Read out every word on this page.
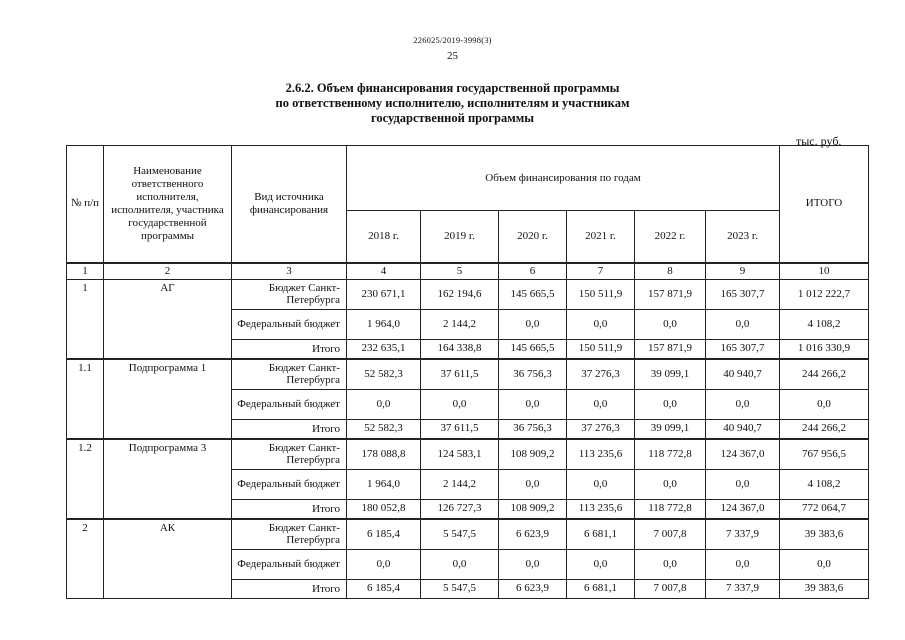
226025/2019-3998(3)
25
2.6.2. Объем финансирования государственной программы
по ответственному исполнителю, исполнителям и участникам
государственной программы
тыс. руб.
№ п/п	Наименование ответственного исполнителя, исполнителя, участника государственной программы	Вид источника финансирования	Объем финансирования по годам						ИТОГО
			2018 г.	2019 г.	2020 г.	2021 г.	2022 г.	2023 г.	
1	2	3	4	5	6	7	8	9	10
1	АГ	Бюджет Санкт-Петербурга	230 671,1	162 194,6	145 665,5	150 511,9	157 871,9	165 307,7	1 012 222,7
		Федеральный бюджет	1 964,0	2 144,2	0,0	0,0	0,0	0,0	4 108,2
		Итого	232 635,1	164 338,8	145 665,5	150 511,9	157 871,9	165 307,7	1 016 330,9
1.1	Подпрограмма 1	Бюджет Санкт-Петербурга	52 582,3	37 611,5	36 756,3	37 276,3	39 099,1	40 940,7	244 266,2
		Федеральный бюджет	0,0	0,0	0,0	0,0	0,0	0,0	0,0
		Итого	52 582,3	37 611,5	36 756,3	37 276,3	39 099,1	40 940,7	244 266,2
1.2	Подпрограмма 3	Бюджет Санкт-Петербурга	178 088,8	124 583,1	108 909,2	113 235,6	118 772,8	124 367,0	767 956,5
		Федеральный бюджет	1 964,0	2 144,2	0,0	0,0	0,0	0,0	4 108,2
		Итого	180 052,8	126 727,3	108 909,2	113 235,6	118 772,8	124 367,0	772 064,7
2	АК	Бюджет Санкт-Петербурга	6 185,4	5 547,5	6 623,9	6 681,1	7 007,8	7 337,9	39 383,6
		Федеральный бюджет	0,0	0,0	0,0	0,0	0,0	0,0	0,0
		Итого	6 185,4	5 547,5	6 623,9	6 681,1	7 007,8	7 337,9	39 383,6
